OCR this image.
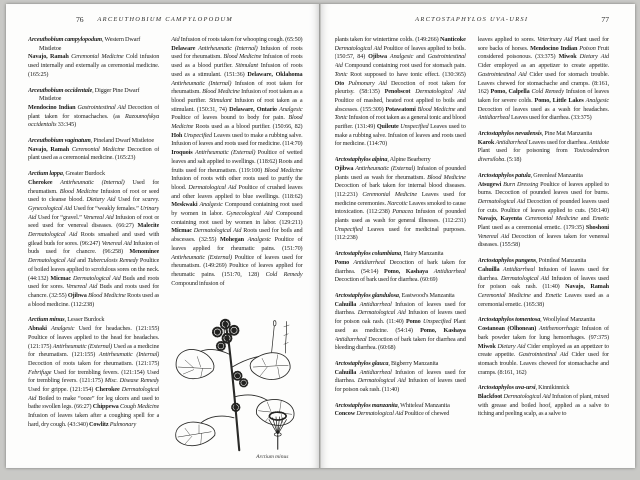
76	ARCEUTHOBIUM CAMPYLOPODUM
Arceuthobium campylopodum, Western Dwarf Mistletoe
Navajo, Ramah Ceremonial Medicine Cold infusion used internally and externally as ceremonial medicine. (165:25)
Arceuthobium occidentale, Digger Pine Dwarf Mistletoe
Mendocino Indian Gastrointestinal Aid Decoction of plant taken for stomachaches. (as Razoumofskya occidentalis 33:345)
Arceuthobium vaginatum, Pineland Dwarf Mistletoe
Navajo, Ramah Ceremonial Medicine Decoction of plant used as a ceremonial medicine. (165:23)
Arctium lappa, Greater Burdock
Cherokee Antirheumatic (Internal) Used for rheumatism. Blood Medicine Infusion of root or seed used to cleanse blood. Dietary Aid Used for scurvy. Gynecological Aid Used for “weakly females.” Urinary Aid Used for “gravel.” Venereal Aid Infusion of root or seed used for venereal diseases. (66:27) Malecite Dermatological Aid Roots smashed and used with gilead buds for sores. (96:247) Venereal Aid Infusion of buds used for chancre. (96:258) Menominee Dermatological Aid and Tuberculosis Remedy Poultice of boiled leaves applied to scrofulous sores on the neck. (44:132) Micmac Dermatological Aid Buds and roots used for sores. Venereal Aid Buds and roots used for chancre. (32:55) Ojibwa Blood Medicine Roots used as a blood medicine. (112:238)
Arctium minus, Lesser Burdock
Abnaki Analgesic Used for headaches. (121:155) Poultice of leaves applied to the head for headaches. (121:175) Antirheumatic (External) Used as a medicine for rheumatism. (121:155) Antirheumatic (Internal) Decoction of roots taken for rheumatism. (121:175) Febrifuge Used for trembling fevers. (121:154) Used for trembling fevers. (121:175) Misc. Disease Remedy Used for grippe. (121:154) Cherokee Dermatological Aid Boiled to make “ooze” for leg ulcers and used to bathe swollen legs. (66:27) Chippewa Cough Medicine Infusion of leaves taken after a coughing spell for a hard, dry cough. (43:340) Cowlitz Pulmonary
Aid Infusion of roots taken for whooping cough. (65:50) Delaware Antirheumatic (Internal) Infusion of roots used for rheumatism. Blood Medicine Infusion of roots used as a blood purifier. Stimulant Infusion of roots used as a stimulant. (151:36) Delaware, Oklahoma Antirheumatic (Internal) Infusion of root taken for rheumatism. Blood Medicine Infusion of root taken as a blood purifier. Stimulant Infusion of root taken as a stimulant. (150:31, 74) Delaware, Ontario Analgesic Poultice of leaves bound to body for pain. Blood Medicine Roots used as a blood purifier. (150:66, 82) Hoh Unspecified Leaves used to make a rubbing salve. Infusion of leaves and roots used for medicine. (114:70) Iroquois Antirheumatic (External) Poultice of wetted leaves and salt applied to swellings. (118:62) Roots and fruits used for rheumatism. (119:100) Blood Medicine Infusion of roots with other roots used to purify the blood. Dermatological Aid Poultice of crushed leaves and other leaves applied to blue swellings. (118:62) Meskwaki Analgesic Compound containing root used by women in labor. Gynecological Aid Compound containing root used by women in labor. (129:211) Micmac Dermatological Aid Roots used for boils and abscesses. (32:55) Mohegan Analgesic Poultice of leaves applied for rheumatic pains. (151:70) Antirheumatic (External) Poultice of leaves used for rheumatism. (149:269) Poultice of leaves applied for rheumatic pains. (151:70, 128) Cold Remedy Compound infusion of
Arctium minus
ARCTOSTAPHYLOS UVA-URSI	77
plants taken for wintertime colds. (149:266) Nanticoke Dermatological Aid Poultice of leaves applied to boils. (150:57, 84) Ojibwa Analgesic and Gastrointestinal Aid Compound containing root used for stomach pain. Tonic Root supposed to have tonic effect. (130:365) Oto Pulmonary Aid Decoction of root taken for pleurisy. (58:135) Penobscot Dermatological Aid Poultice of mashed, heated root applied to boils and abscesses. (155:309) Potawatomi Blood Medicine and Tonic Infusion of root taken as a general tonic and blood purifier. (131:49) Quileute Unspecified Leaves used to make a rubbing salve. Infusion of leaves and roots used for medicine. (114:70)
Arctostaphylos alpina, Alpine Bearberry
Ojibwa Antirheumatic (External) Infusion of pounded plants used as wash for rheumatism. Blood Medicine Decoction of bark taken for internal blood diseases. (112:231) Ceremonial Medicine Leaves used for medicine ceremonies. Narcotic Leaves smoked to cause intoxication. (112:238) Panacea Infusion of pounded plants used as wash for general illnesses. (112:231) Unspecified Leaves used for medicinal purposes. (112:238)
Arctostaphylos columbiana, Hairy Manzanita
Pomo Antidiarrheal Decoction of bark taken for diarrhea. (54:14) Pomo, Kashaya Antidiarrheal Decoction of bark used for diarrhea. (60:69)
Arctostaphylos glandulosa, Eastwood's Manzanita
Cahuilla Antidiarrheal Infusion of leaves used for diarrhea. Dermatological Aid Infusion of leaves used for poison oak rash. (11:40) Pomo Unspecified Plant used as medicine. (54:14) Pomo, Kashaya Antidiarrheal Decoction of bark taken for diarrhea and bleeding diarrhea. (60:68)
Arctostaphylos glauca, Bigberry Manzanita
Cahuilla Antidiarrheal Infusion of leaves used for diarrhea. Dermatological Aid Infusion of leaves used for poison oak rash. (11:40)
Arctostaphylos manzanita, Whiteleaf Manzanita
Concow Dermatological Aid Poultice of chewed
leaves applied to sores. Veterinary Aid Plant used for sore backs of horses. Mendocino Indian Poison Fruit considered poisonous. (33:375) Miwok Dietary Aid Cider employed as an appetizer to create appetite. Gastrointestinal Aid Cider used for stomach trouble. Leaves chewed for stomachache and cramps. (8:161, 162) Pomo, Calpella Cold Remedy Infusion of leaves taken for severe colds. Pomo, Little Lakes Analgesic Decoction of leaves used as a wash for headaches. Antidiarrheal Leaves used for diarrhea. (33:375)
Arctostaphylos nevadensis, Pine Mat Manzanita
Karok Antidiarrheal Leaves used for diarrhea. Antidote Plant used for poisoning from Toxicodendron diversiloba. (5:18)
Arctostaphylos patula, Greenleaf Manzanita
Atsugewi Burn Dressing Poultice of leaves applied to burns. Decoction of pounded leaves used for burns. Dermatological Aid Decoction of pounded leaves used for cuts. Poultice of leaves applied to cuts. (50:140) Navajo, Kayenta Ceremonial Medicine and Emetic Plant used as a ceremonial emetic. (179:35) Shoshoni Venereal Aid Decoction of leaves taken for venereal diseases. (155:58)
Arctostaphylos pungens, Pointleaf Manzanita
Cahuilla Antidiarrheal Infusion of leaves used for diarrhea. Dermatological Aid Infusion of leaves used for poison oak rash. (11:40) Navajo, Ramah Ceremonial Medicine and Emetic Leaves used as a ceremonial emetic. (165:38)
Arctostaphylos tomentosa, Woollyleaf Manzanita
Costanoan (Olhonean) Antihemorrhagic Infusion of bark powder taken for lung hemorrhages. (97:375) Miwok Dietary Aid Cider employed as an appetizer to create appetite. Gastrointestinal Aid Cider used for stomach trouble. Leaves chewed for stomachache and cramps. (8:161, 162)
Arctostaphylos uva-ursi, Kinnikinnick
Blackfoot Dermatological Aid Infusion of plant, mixed with grease and boiled hoof, applied as a salve to itching and peeling scalp, as a salve to
